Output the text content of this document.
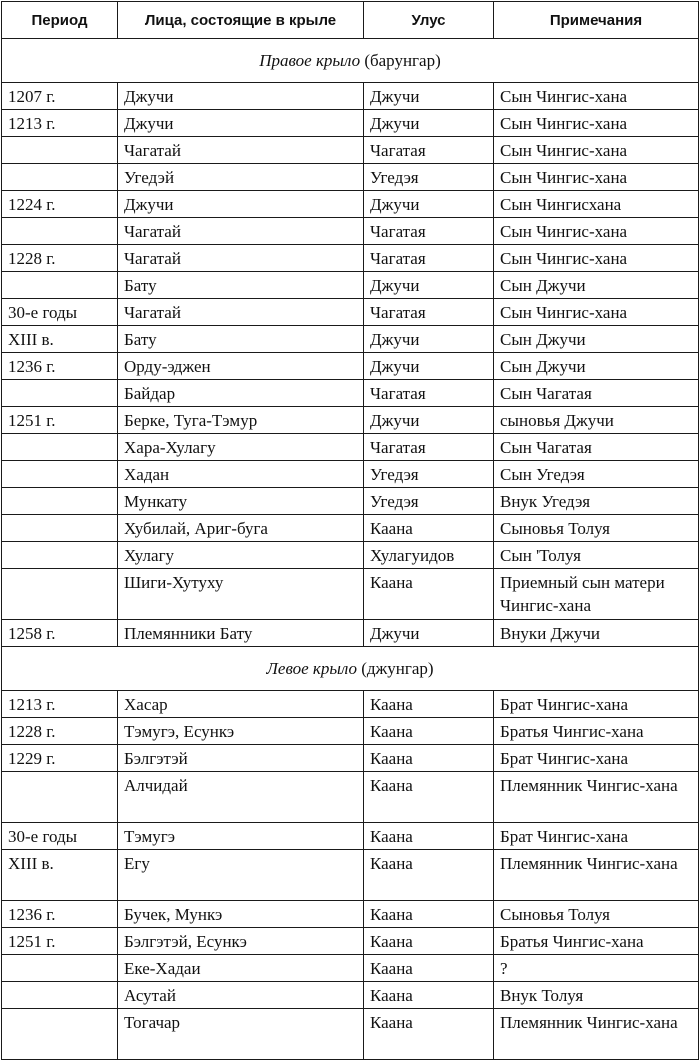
Период	Лица, состоящие в крыле	Улус	Примечания
Правое крыло (барунгар)			
1207 г.	Джучи	Джучи	Сын Чингис-хана
1213 г.	Джучи	Джучи	Сын Чингис-хана
	Чагатай	Чагатая	Сын Чингис-хана
	Угедэй	Угедэя	Сын Чингис-хана
1224 г.	Джучи	Джучи	Сын Чингисхана
	Чагатай	Чагатая	Сын Чингис-хана
1228 г.	Чагатай	Чагатая	Сын Чингис-хана
	Бату	Джучи	Сын Джучи
30-е годы	Чагатай	Чагатая	Сын Чингис-хана
XIII в.	Бату	Джучи	Сын Джучи
1236 г.	Орду-эджен	Джучи	Сын Джучи
	Байдар	Чагатая	Сын Чагатая
1251 г.	Берке, Туга-Тэмур	Джучи	сыновья Джучи
	Хара-Хулагу	Чагатая	Сын Чагатая
	Хадан	Угедэя	Сын Угедэя
	Мункату	Угедэя	Внук Угедэя
	Хубилай, Ариг-буга	Каана	Сыновья Толуя
	Хулагу	Хулагуидов	Сын 'Толуя
	Шиги-Хутуху	Каана	Приемный сын матери Чингис-хана
1258 г.	Племянники Бату	Джучи	Внуки Джучи
Левое крыло (джунгар)			
1213 г.	Хасар	Каана	Брат Чингис-хана
1228 г.	Тэмугэ, Есункэ	Каана	Братья Чингис-хана
1229 г.	Бэлгэтэй	Каана	Брат Чингис-хана
	Алчидай	Каана	Племянник Чингис-хана
30-е годы	Тэмугэ	Каана	Брат Чингис-хана
XIII в.	Егу	Каана	Племянник Чингис-хана
1236 г.	Бучек, Мункэ	Каана	Сыновья Толуя
1251 г.	Бэлгэтэй, Есункэ	Каана	Братья Чингис-хана
	Еке-Хадаи	Каана	?
	Асутай	Каана	Внук Толуя
	Тогачар	Каана	Племянник Чингис-хана
